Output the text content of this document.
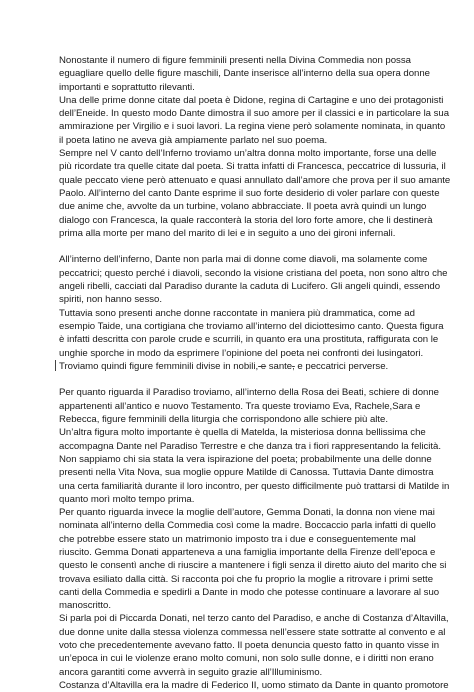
Nonostante il numero di figure femminili presenti nella Divina Commedia non possa
eguagliare quello delle figure maschili, Dante inserisce all’interno della sua opera donne
importanti e soprattutto rilevanti.
Una delle prime donne citate dal poeta è Didone, regina di Cartagine e uno dei protagonisti
dell’Eneide. In questo modo Dante dimostra il suo amore per il classici e in particolare la sua
ammirazione per Virgilio e i suoi lavori. La regina viene però solamente nominata, in quanto
il poeta latino ne aveva già ampiamente parlato nel suo poema.
Sempre nel V canto dell’Inferno troviamo un’altra donna molto importante, forse una delle
più ricordate tra quelle citate dal poeta. Si tratta infatti di Francesca, peccatrice di lussuria, il
quale peccato viene però attenuato e quasi annullato dall’amore che prova per il suo amante
Paolo. All’interno del canto Dante esprime il suo forte desiderio di voler parlare con queste
due anime che, avvolte da un turbine, volano abbracciate. Il poeta avrà quindi un lungo
dialogo con Francesca, la quale racconterà la storia del loro forte amore, che li destinerà
prima alla morte per mano del marito di lei e in seguito a uno dei gironi infernali.
All’interno dell’inferno, Dante non parla mai di donne come diavoli, ma solamente come
peccatrici; questo perché i diavoli, secondo la visione cristiana del poeta, non sono altro che
angeli ribelli, cacciati dal Paradiso durante la caduta di Lucifero. Gli angeli quindi, essendo
spiriti, non hanno sesso.
Tuttavia sono presenti anche donne raccontate in maniera più drammatica, come ad
esempio Taide, una cortigiana che troviamo all’interno del diciottesimo canto. Questa figura
è infatti descritta con parole crude e scurrili, in quanto era una prostituta, raffigurata con le
unghie sporche in modo da esprimere l’opinione del poeta nei confronti dei lusingatori.
Troviamo quindi figure femminili divise in nobili, e sante, e peccatrici perverse.
Per quanto riguarda il Paradiso troviamo, all’interno della Rosa dei Beati, schiere di donne
appartenenti all’antico e nuovo Testamento. Tra queste troviamo Eva, Rachele,Sara e
Rebecca, figure femminili della liturgia che corrispondono alle schiere più alte.
Un’altra figura molto importante è quella di Matelda, la misteriosa donna bellissima che
accompagna Dante nel Paradiso Terrestre e che danza tra i fiori rappresentando la felicità.
Non sappiamo chi sia stata la vera ispirazione del poeta; probabilmente una delle donne
presenti nella Vita Nova, sua moglie oppure Matilde di Canossa. Tuttavia Dante dimostra
una certa familiarità durante il loro incontro, per questo difficilmente può trattarsi di Matilde in
quanto morì molto tempo prima.
Per quanto riguarda invece la moglie dell’autore, Gemma Donati, la donna non viene mai
nominata all’interno della Commedia così come la madre. Boccaccio parla infatti di quello
che potrebbe essere stato un matrimonio imposto tra i due e conseguentemente mal
riuscito. Gemma Donati apparteneva a una famiglia importante della Firenze dell’epoca e
questo le consentì anche di riuscire a mantenere i figli senza il diretto aiuto del marito che si
trovava esiliato dalla città. Si racconta poi che fu proprio la moglie a ritrovare i primi sette
canti della Commedia e spedirli a Dante in modo che potesse continuare a lavorare al suo
manoscritto.
Si parla poi di Piccarda Donati, nel terzo canto del Paradiso, e anche di Costanza d’Altavilla,
due donne unite dalla stessa violenza commessa nell’essere state sottratte al convento e al
voto che precedentemente avevano fatto. Il poeta denuncia questo fatto in quanto visse in
un’epoca in cui le violenze erano molto comuni, non solo sulle donne, e i diritti non erano
ancora garantiti come avverrà in seguito grazie all’Illuminismo.
Costanza d’Altavilla era la madre di Federico II, uomo stimato da Dante in quanto promotore
